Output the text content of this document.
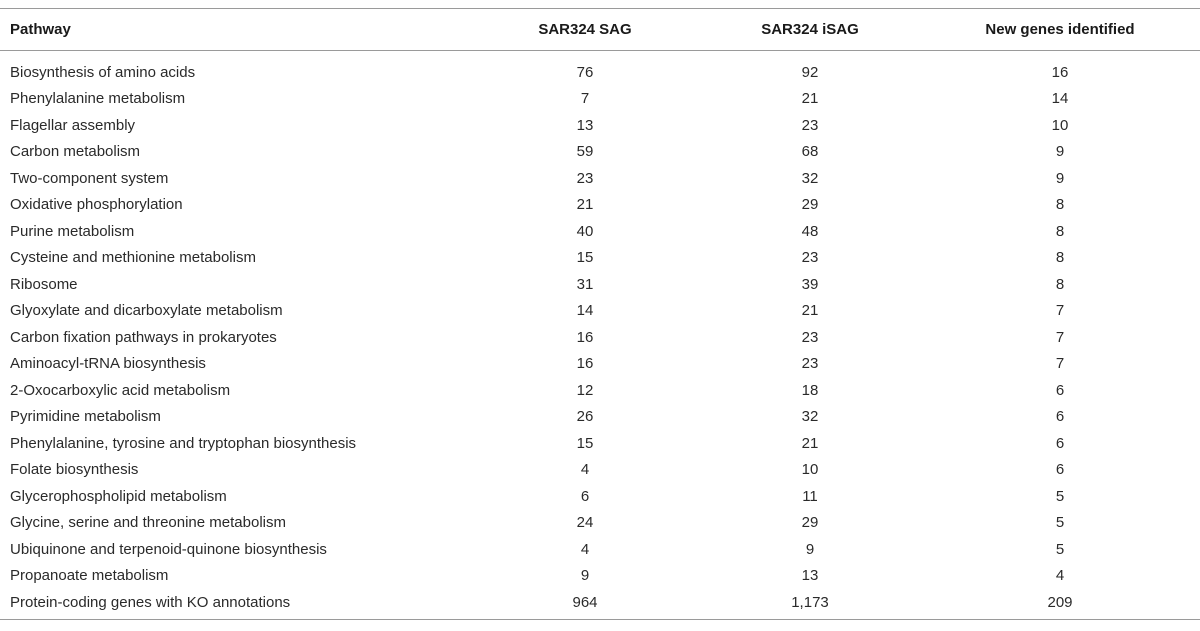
Pathway	SAR324 SAG	SAR324 iSAG	New genes identified
Biosynthesis of amino acids	76	92	16
Phenylalanine metabolism	7	21	14
Flagellar assembly	13	23	10
Carbon metabolism	59	68	9
Two-component system	23	32	9
Oxidative phosphorylation	21	29	8
Purine metabolism	40	48	8
Cysteine and methionine metabolism	15	23	8
Ribosome	31	39	8
Glyoxylate and dicarboxylate metabolism	14	21	7
Carbon fixation pathways in prokaryotes	16	23	7
Aminoacyl-tRNA biosynthesis	16	23	7
2-Oxocarboxylic acid metabolism	12	18	6
Pyrimidine metabolism	26	32	6
Phenylalanine, tyrosine and tryptophan biosynthesis	15	21	6
Folate biosynthesis	4	10	6
Glycerophospholipid metabolism	6	11	5
Glycine, serine and threonine metabolism	24	29	5
Ubiquinone and terpenoid-quinone biosynthesis	4	9	5
Propanoate metabolism	9	13	4
Protein-coding genes with KO annotations	964	1,173	209
